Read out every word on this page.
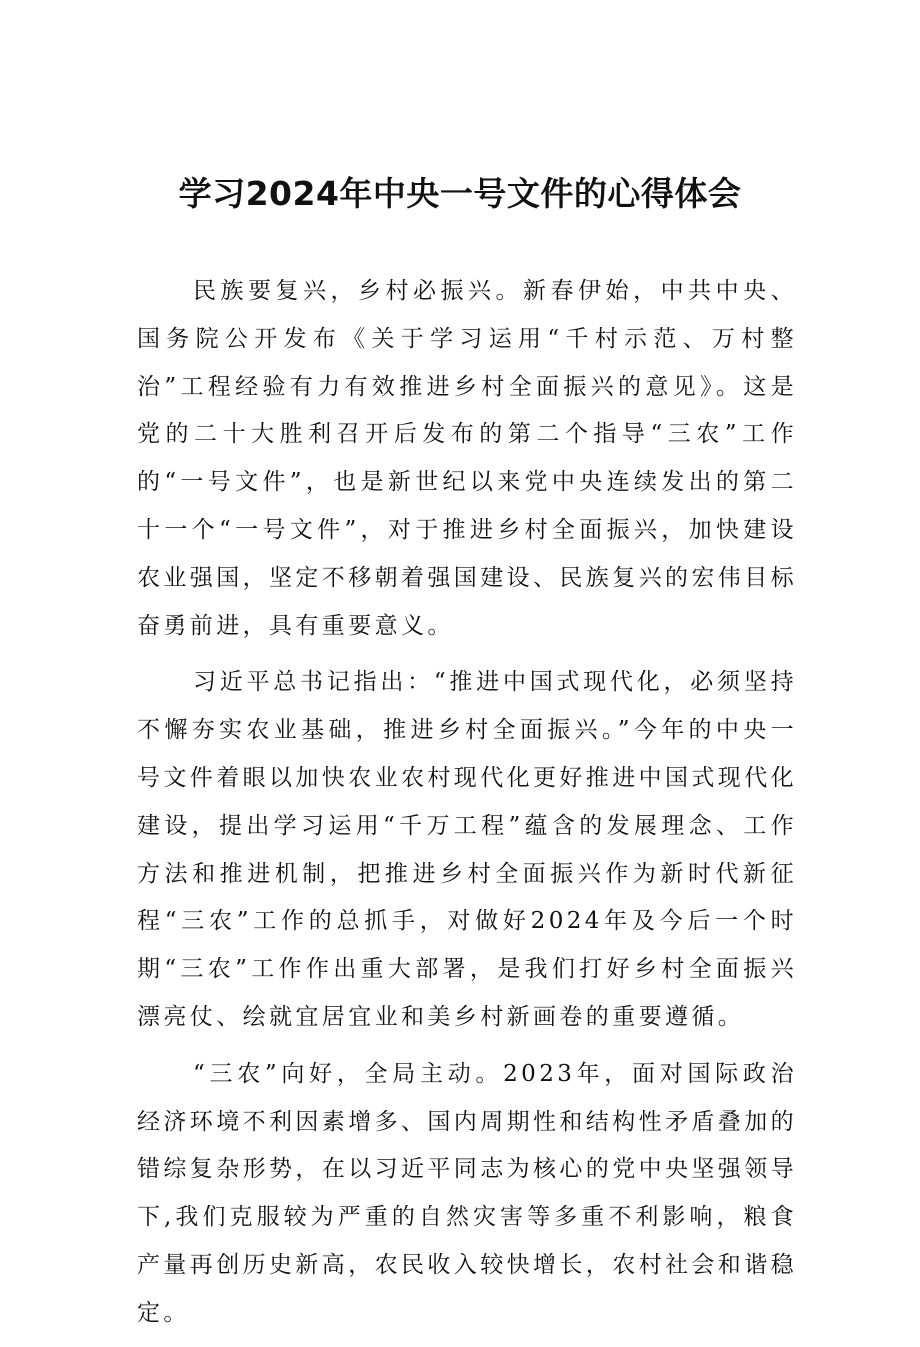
学习2024年中央一号文件的心得体会

民族要复兴，乡村必振兴。新春伊始，中共中央、国务院公开发布《关于学习运用“千村示范、万村整治”工程经验有力有效推进乡村全面振兴的意见》。这是党的二十大胜利召开后发布的第二个指导“三农”工作的“一号文件”，也是新世纪以来党中央连续发出的第二十一个“一号文件”，对于推进乡村全面振兴，加快建设农业强国，坚定不移朝着强国建设、民族复兴的宏伟目标奋勇前进，具有重要意义。

习近平总书记指出：“推进中国式现代化，必须坚持不懈夯实农业基础，推进乡村全面振兴。”今年的中央一号文件着眼以加快农业农村现代化更好推进中国式现代化建设，提出学习运用“千万工程”蕴含的发展理念、工作方法和推进机制，把推进乡村全面振兴作为新时代新征程“三农”工作的总抓手，对做好2024年及今后一个时期“三农”工作作出重大部署，是我们打好乡村全面振兴漂亮仗、绘就宜居宜业和美乡村新画卷的重要遵循。

“三农”向好，全局主动。2023年，面对国际政治经济环境不利因素增多、国内周期性和结构性矛盾叠加的错综复杂形势，在以习近平同志为核心的党中央坚强领导下,我们克服较为严重的自然灾害等多重不利影响，粮食产量再创历史新高，农民收入较快增长，农村社会和谐稳定。
